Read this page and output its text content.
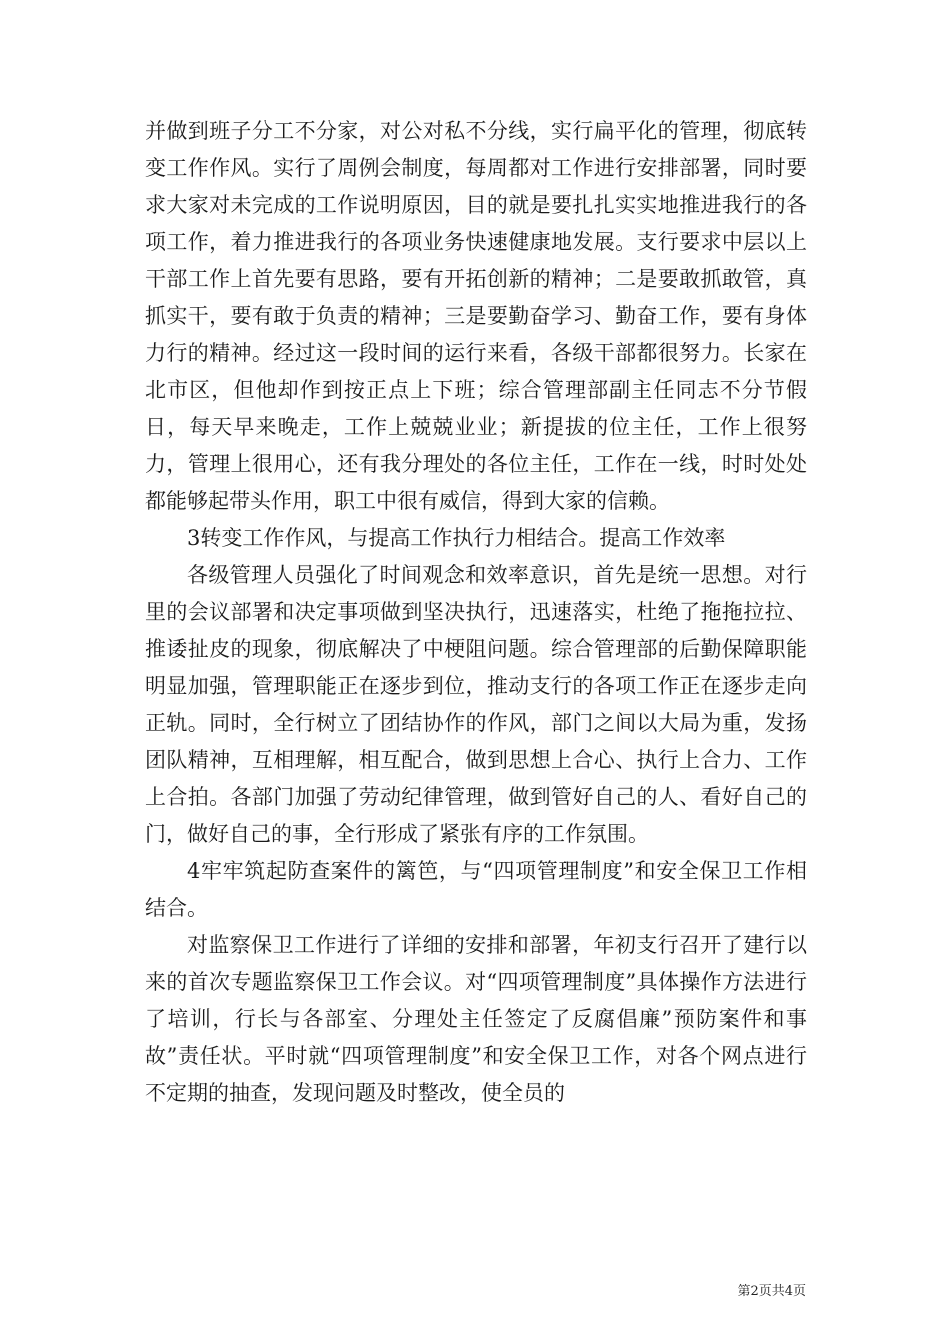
并做到班子分工不分家，对公对私不分线，实行扁平化的管理，彻底转变工作作风。实行了周例会制度，每周都对工作进行安排部署，同时要求大家对未完成的工作说明原因，目的就是要扎扎实实地推进我行的各项工作，着力推进我行的各项业务快速健康地发展。支行要求中层以上干部工作上首先要有思路，要有开拓创新的精神；二是要敢抓敢管，真抓实干，要有敢于负责的精神；三是要勤奋学习、勤奋工作，要有身体力行的精神。经过这一段时间的运行来看，各级干部都很努力。长家在北市区，但他却作到按正点上下班；综合管理部副主任同志不分节假日，每天早来晚走，工作上兢兢业业；新提拔的位主任，工作上很努力，管理上很用心，还有我分理处的各位主任，工作在一线，时时处处都能够起带头作用，职工中很有威信，得到大家的信赖。

3转变工作作风，与提高工作执行力相结合。提高工作效率

各级管理人员强化了时间观念和效率意识，首先是统一思想。对行里的会议部署和决定事项做到坚决执行，迅速落实，杜绝了拖拖拉拉、推诿扯皮的现象，彻底解决了中梗阻问题。综合管理部的后勤保障职能明显加强，管理职能正在逐步到位，推动支行的各项工作正在逐步走向正轨。同时，全行树立了团结协作的作风，部门之间以大局为重，发扬团队精神，互相理解，相互配合，做到思想上合心、执行上合力、工作上合拍。各部门加强了劳动纪律管理，做到管好自己的人、看好自己的门，做好自己的事，全行形成了紧张有序的工作氛围。

4牢牢筑起防查案件的篱笆，与“四项管理制度”和安全保卫工作相结合。

对监察保卫工作进行了详细的安排和部署，年初支行召开了建行以来的首次专题监察保卫工作会议。对“四项管理制度”具体操作方法进行了培训，行长与各部室、分理处主任签定了反腐倡廉”预防案件和事故”责任状。平时就“四项管理制度”和安全保卫工作，对各个网点进行不定期的抽查，发现问题及时整改，使全员的

第2页共4页
